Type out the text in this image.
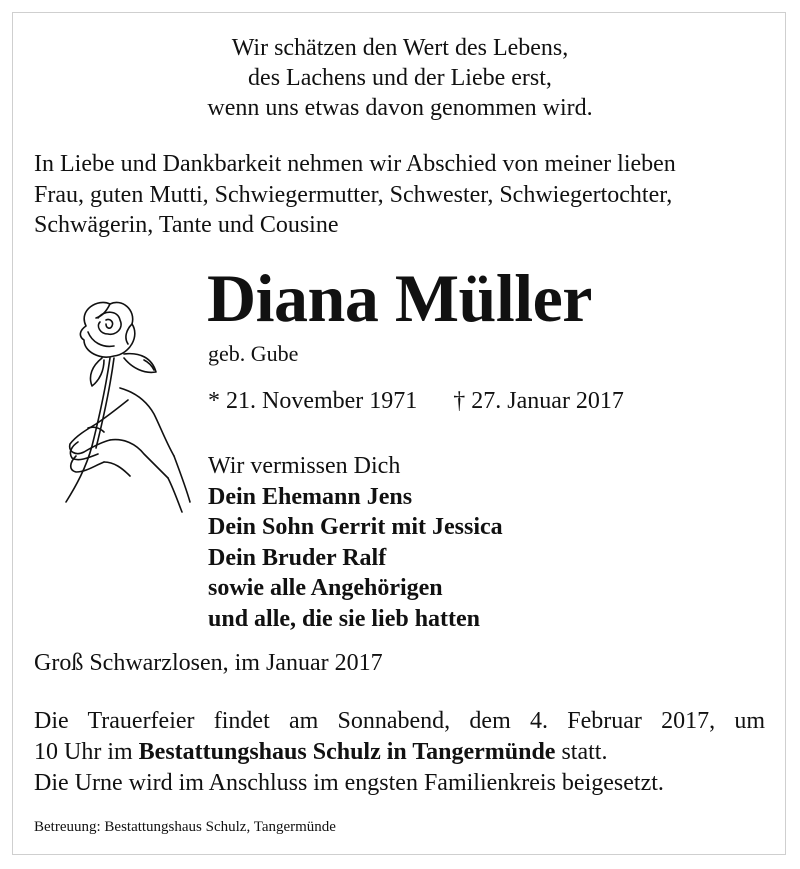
Wir schätzen den Wert des Lebens,
des Lachens und der Liebe erst,
wenn uns etwas davon genommen wird.
In Liebe und Dankbarkeit nehmen wir Abschied von meiner lieben
Frau, guten Mutti, Schwiegermutter, Schwester, Schwiegertochter,
Schwägerin, Tante und Cousine
Diana Müller
geb. Gube
* 21. November 1971 † 27. Januar 2017
Wir vermissen Dich
Dein Ehemann Jens
Dein Sohn Gerrit mit Jessica
Dein Bruder Ralf
sowie alle Angehörigen
und alle, die sie lieb hatten
Groß Schwarzlosen, im Januar 2017
Die Trauerfeier findet am Sonnabend, dem 4. Februar 2017, um
10 Uhr im Bestattungshaus Schulz in Tangermünde statt.
Die Urne wird im Anschluss im engsten Familienkreis beigesetzt.
Betreuung: Bestattungshaus Schulz, Tangermünde
